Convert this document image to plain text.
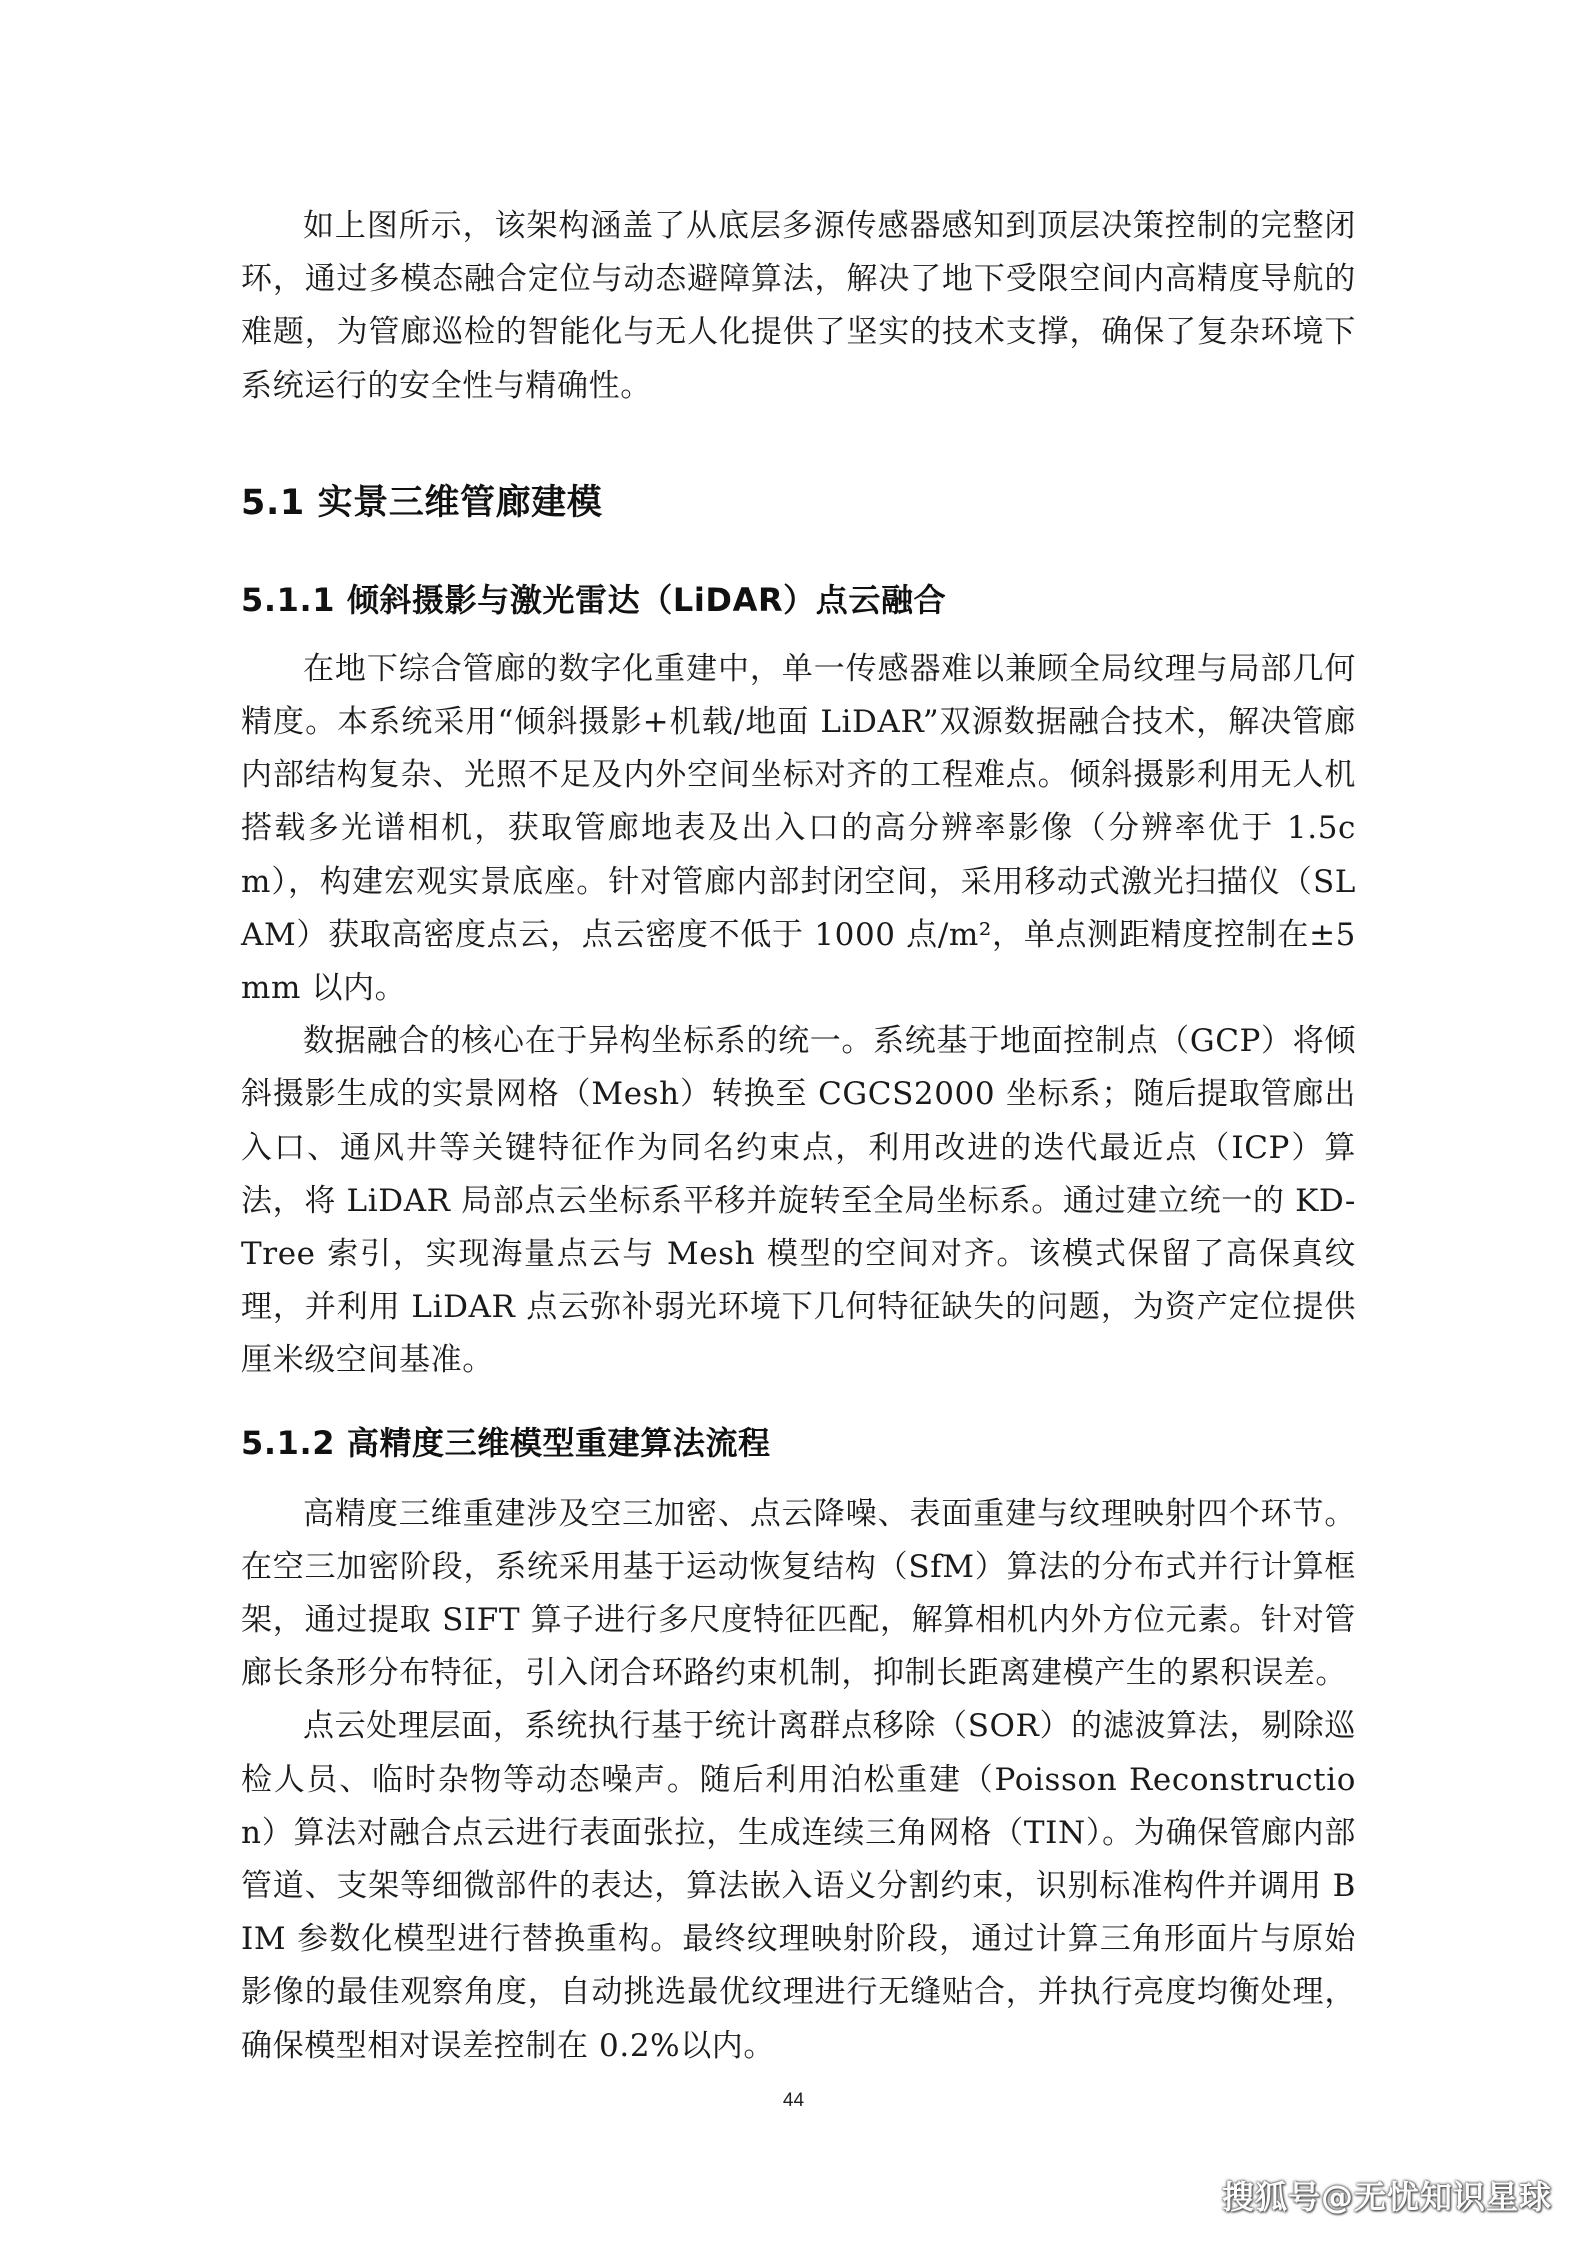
如上图所示，该架构涵盖了从底层多源传感器感知到顶层决策控制的完整闭环，通过多模态融合定位与动态避障算法，解决了地下受限空间内高精度导航的难题，为管廊巡检的智能化与无人化提供了坚实的技术支撑，确保了复杂环境下系统运行的安全性与精确性。

5.1 实景三维管廊建模
5.1.1 倾斜摄影与激光雷达（LiDAR）点云融合

在地下综合管廊的数字化重建中，单一传感器难以兼顾全局纹理与局部几何精度。本系统采用“倾斜摄影+机载/地面 LiDAR”双源数据融合技术，解决管廊内部结构复杂、光照不足及内外空间坐标对齐的工程难点。倾斜摄影利用无人机搭载多光谱相机，获取管廊地表及出入口的高分辨率影像（分辨率优于 1.5cm），构建宏观实景底座。针对管廊内部封闭空间，采用移动式激光扫描仪（SLAM）获取高密度点云，点云密度不低于 1000 点/m²，单点测距精度控制在±5mm 以内。

数据融合的核心在于异构坐标系的统一。系统基于地面控制点（GCP）将倾斜摄影生成的实景网格（Mesh）转换至 CGCS2000 坐标系；随后提取管廊出入口、通风井等关键特征作为同名约束点，利用改进的迭代最近点（ICP）算法，将 LiDAR 局部点云坐标系平移并旋转至全局坐标系。通过建立统一的 KD-Tree 索引，实现海量点云与 Mesh 模型的空间对齐。该模式保留了高保真纹理，并利用 LiDAR 点云弥补弱光环境下几何特征缺失的问题，为资产定位提供厘米级空间基准。

5.1.2 高精度三维模型重建算法流程

高精度三维重建涉及空三加密、点云降噪、表面重建与纹理映射四个环节。在空三加密阶段，系统采用基于运动恢复结构（SfM）算法的分布式并行计算框架，通过提取 SIFT 算子进行多尺度特征匹配，解算相机内外方位元素。针对管廊长条形分布特征，引入闭合环路约束机制，抑制长距离建模产生的累积误差。

点云处理层面，系统执行基于统计离群点移除（SOR）的滤波算法，剔除巡检人员、临时杂物等动态噪声。随后利用泊松重建（Poisson Reconstruction）算法对融合点云进行表面张拉，生成连续三角网格（TIN）。为确保管廊内部管道、支架等细微部件的表达，算法嵌入语义分割约束，识别标准构件并调用 BIM 参数化模型进行替换重构。最终纹理映射阶段，通过计算三角形面片与原始影像的最佳观察角度，自动挑选最优纹理进行无缝贴合，并执行亮度均衡处理，确保模型相对误差控制在 0.2%以内。

44
搜狐号@无忧知识星球
